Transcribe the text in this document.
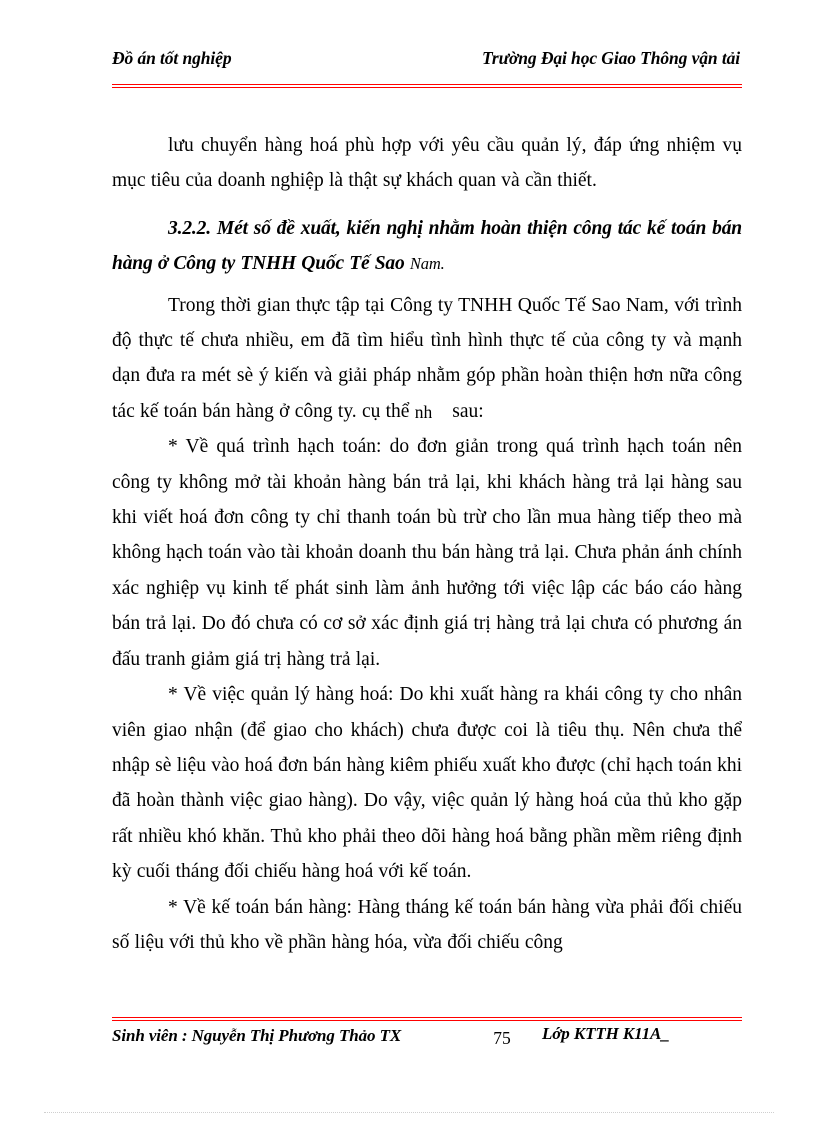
Đồ án tốt nghiệp	Trường Đại học Giao Thông vận tải

lưu chuyển hàng hoá phù hợp với yêu cầu quản lý, đáp ứng nhiệm vụ mục tiêu của doanh nghiệp là thật sự khách quan và cần thiết.

3.2.2. Mét số đề xuất, kiến nghị nhằm hoàn thiện công tác kế toán bán hàng ở Công ty TNHH Quốc Tế Sao Nam.

Trong thời gian thực tập tại Công ty TNHH Quốc Tế Sao Nam, với trình độ thực tế chưa nhiều, em đã tìm hiểu tình hình thực tế của công ty và mạnh dạn đưa ra mét sè ý kiến và giải pháp nhằm góp phần hoàn thiện hơn nữa công tác kế toán bán hàng ở công ty. cụ thể nh sau:

* Về quá trình hạch toán: do đơn giản trong quá trình hạch toán nên công ty không mở tài khoản hàng bán trả lại, khi khách hàng trả lại hàng sau khi viết hoá đơn công ty chỉ thanh toán bù trừ cho lần mua hàng tiếp theo mà không hạch toán vào tài khoản doanh thu bán hàng trả lại. Chưa phản ánh chính xác nghiệp vụ kinh tế phát sinh làm ảnh hưởng tới việc lập các báo cáo hàng bán trả lại. Do đó chưa có cơ sở xác định giá trị hàng trả lại chưa có phương án đấu tranh giảm giá trị hàng trả lại.

* Về việc quản lý hàng hoá: Do khi xuất hàng ra khái công ty cho nhân viên giao nhận (để giao cho khách) chưa được coi là tiêu thụ. Nên chưa thể nhập sè liệu vào hoá đơn bán hàng kiêm phiếu xuất kho được (chỉ hạch toán khi đã hoàn thành việc giao hàng). Do vậy, việc quản lý hàng hoá của thủ kho gặp rất nhiều khó khăn. Thủ kho phải theo dõi hàng hoá bằng phần mềm riêng định kỳ cuối tháng đối chiếu hàng hoá với kế toán.

* Về kế toán bán hàng: Hàng tháng kế toán bán hàng vừa phải đối chiếu số liệu với thủ kho về phần hàng hóa, vừa đối chiếu công

Sinh viên : Nguyễn Thị Phương Thảo TX	75	Lớp KTTH K11A_
